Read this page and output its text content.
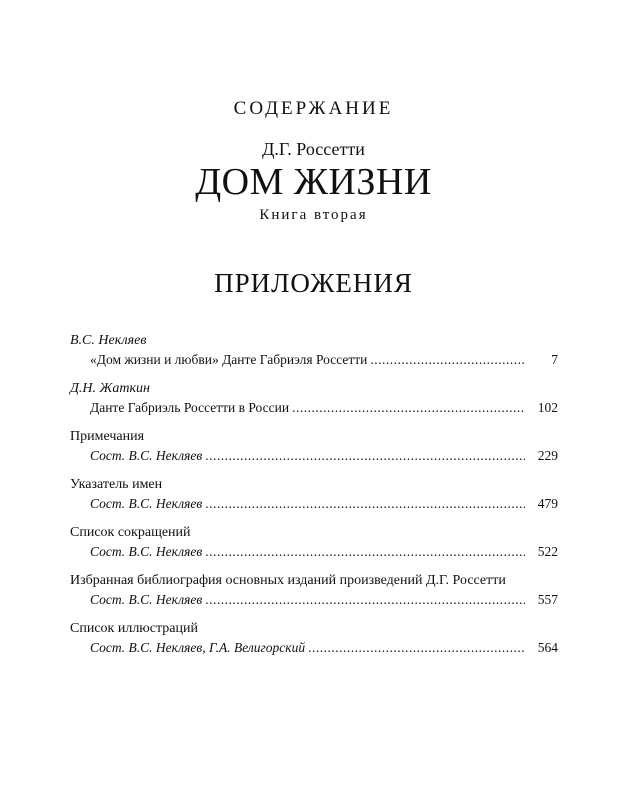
СОДЕРЖАНИЕ
Д.Г. Россетти
ДОМ ЖИЗНИ
Книга вторая
ПРИЛОЖЕНИЯ
В.С. Некляев
«Дом жизни и любви» Данте Габриэля Россетти .....	7
Д.Н. Жаткин
Данте Габриэль Россетти в России .....	102
Примечания
Сост. В.С. Некляев .....	229
Указатель имен
Сост. В.С. Некляев .....	479
Список сокращений
Сост. В.С. Некляев .....	522
Избранная библиография основных изданий произведений Д.Г. Россетти
Сост. В.С. Некляев .....	557
Список иллюстраций
Сост. В.С. Некляев, Г.А. Велигорский .....	564
